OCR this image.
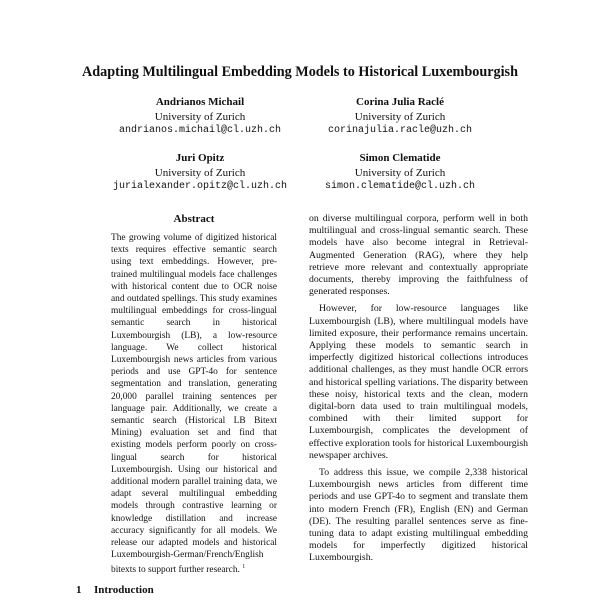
Adapting Multilingual Embedding Models to Historical Luxembourgish
Andrianos Michail
University of Zurich
andrianos.michail@cl.uzh.ch
Corina Julia Raclé
University of Zurich
corinajulia.racle@uzh.ch
Juri Opitz
University of Zurich
jurialexander.opitz@cl.uzh.ch
Simon Clematide
University of Zurich
simon.clematide@cl.uzh.ch
Abstract
The growing volume of digitized historical texts requires effective semantic search using text embeddings. However, pre-trained multilingual models face challenges with historical content due to OCR noise and outdated spellings. This study examines multilingual embeddings for cross-lingual semantic search in historical Luxembourgish (LB), a low-resource language. We collect historical Luxembourgish news articles from various periods and use GPT-4o for sentence segmentation and translation, generating 20,000 parallel training sentences per language pair. Additionally, we create a semantic search (Historical LB Bitext Mining) evaluation set and find that existing models perform poorly on cross-lingual search for historical Luxembourgish. Using our historical and additional modern parallel training data, we adapt several multilingual embedding models through contrastive learning or knowledge distillation and increase accuracy significantly for all models. We release our adapted models and historical Luxembourgish-German/French/English bitexts to support further research. $^1$
1 Introduction

on diverse multilingual corpora, perform well in both multilingual and cross-lingual semantic search. These models have also become integral in Retrieval-Augmented Generation (RAG), where they help retrieve more relevant and contextually appropriate documents, thereby improving the faithfulness of generated responses.

However, for low-resource languages like Luxembourgish (LB), where multilingual models have limited exposure, their performance remains uncertain. Applying these models to semantic search in imperfectly digitized historical collections introduces additional challenges, as they must handle OCR errors and historical spelling variations. The disparity between these noisy, historical texts and the clean, modern digital-born data used to train multilingual models, combined with their limited support for Luxembourgish, complicates the development of effective exploration tools for historical Luxembourgish newspaper archives.

To address this issue, we compile 2,338 historical Luxembourgish news articles from different time periods and use GPT-4o to segment and translate them into modern French (FR), English (EN) and German (DE). The resulting parallel sentences serve as fine-tuning data to adapt existing multilingual embedding models for imperfectly digitized historical Luxembourgish.
